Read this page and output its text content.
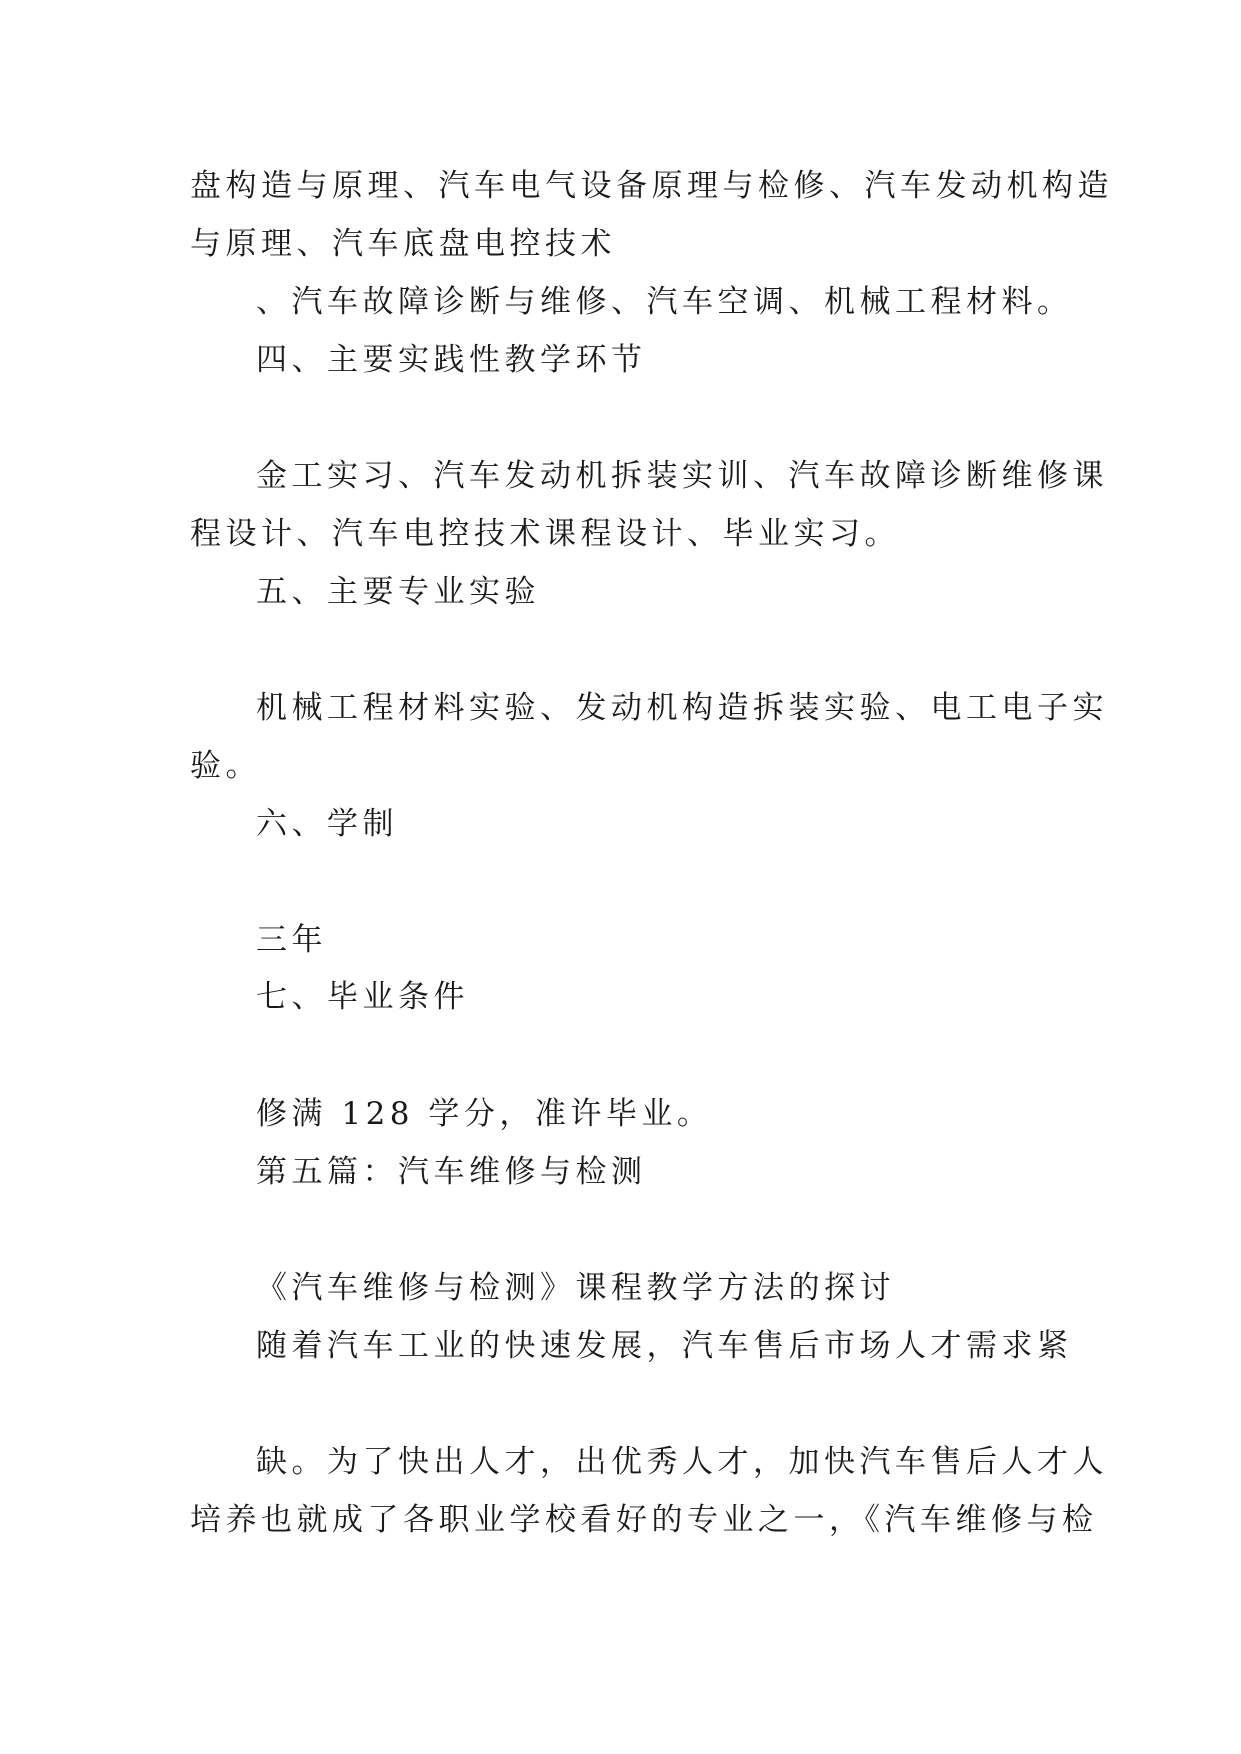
盘构造与原理、汽车电气设备原理与检修、汽车发动机构造
与原理、汽车底盘电控技术
、汽车故障诊断与维修、汽车空调、机械工程材料。
四、主要实践性教学环节
金工实习、汽车发动机拆装实训、汽车故障诊断维修课
程设计、汽车电控技术课程设计、毕业实习。
五、主要专业实验
机械工程材料实验、发动机构造拆装实验、电工电子实
验。
六、学制
三年
七、毕业条件
修满 128 学分，准许毕业。
第五篇：汽车维修与检测
《汽车维修与检测》课程教学方法的探讨
随着汽车工业的快速发展，汽车售后市场人才需求紧
缺。为了快出人才，出优秀人才，加快汽车售后人才人
培养也就成了各职业学校看好的专业之一，《汽车维修与检
